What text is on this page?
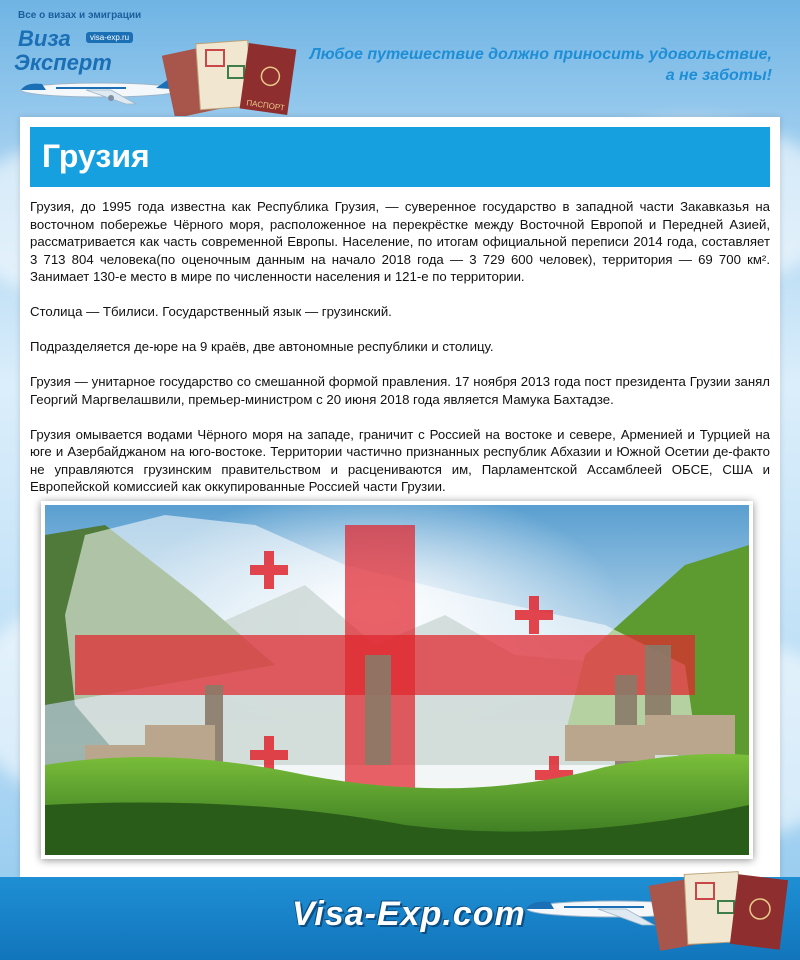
Все о визах и эмиграции
Виза	visa-exp.ru
Эксперт
ПАСПОРТ
Любое путешествие должно приносить удовольствие,
а не заботы!
Грузия

Грузия, до 1995 года известна как Республика Грузия, — суверенное государство в западной части Закавказья на восточном побережье Чёрного моря, расположенное на перекрёстке между Восточной Европой и Передней Азией, рассматривается как часть современной Европы. Население, по итогам официальной переписи 2014 года, составляет 3 713 804 человека(по оценочным данным на начало 2018 года — 3 729 600 человек), территория — 69 700 км². Занимает 130-е место в мире по численности населения и 121-е по территории.

Столица — Тбилиси. Государственный язык — грузинский.

Подразделяется де-юре на 9 краёв, две автономные республики и столицу.

Грузия — унитарное государство со смешанной формой правления. 17 ноября 2013 года пост президента Грузии занял Георгий Маргвелашвили, премьер-министром с 20 июня 2018 года является Мамука Бахтадзе.

Грузия омывается водами Чёрного моря на западе, граничит с Россией на востоке и севере, Арменией и Турцией на юге и Азербайджаном на юго-востоке. Территории частично признанных республик Абхазии и Южной Осетии де-факто не управляются грузинским правительством и расцениваются им, Парламентской Ассамблеей ОБСЕ, США и Европейской комиссией как оккупированные Россией части Грузии.

Visa-Exp.com
